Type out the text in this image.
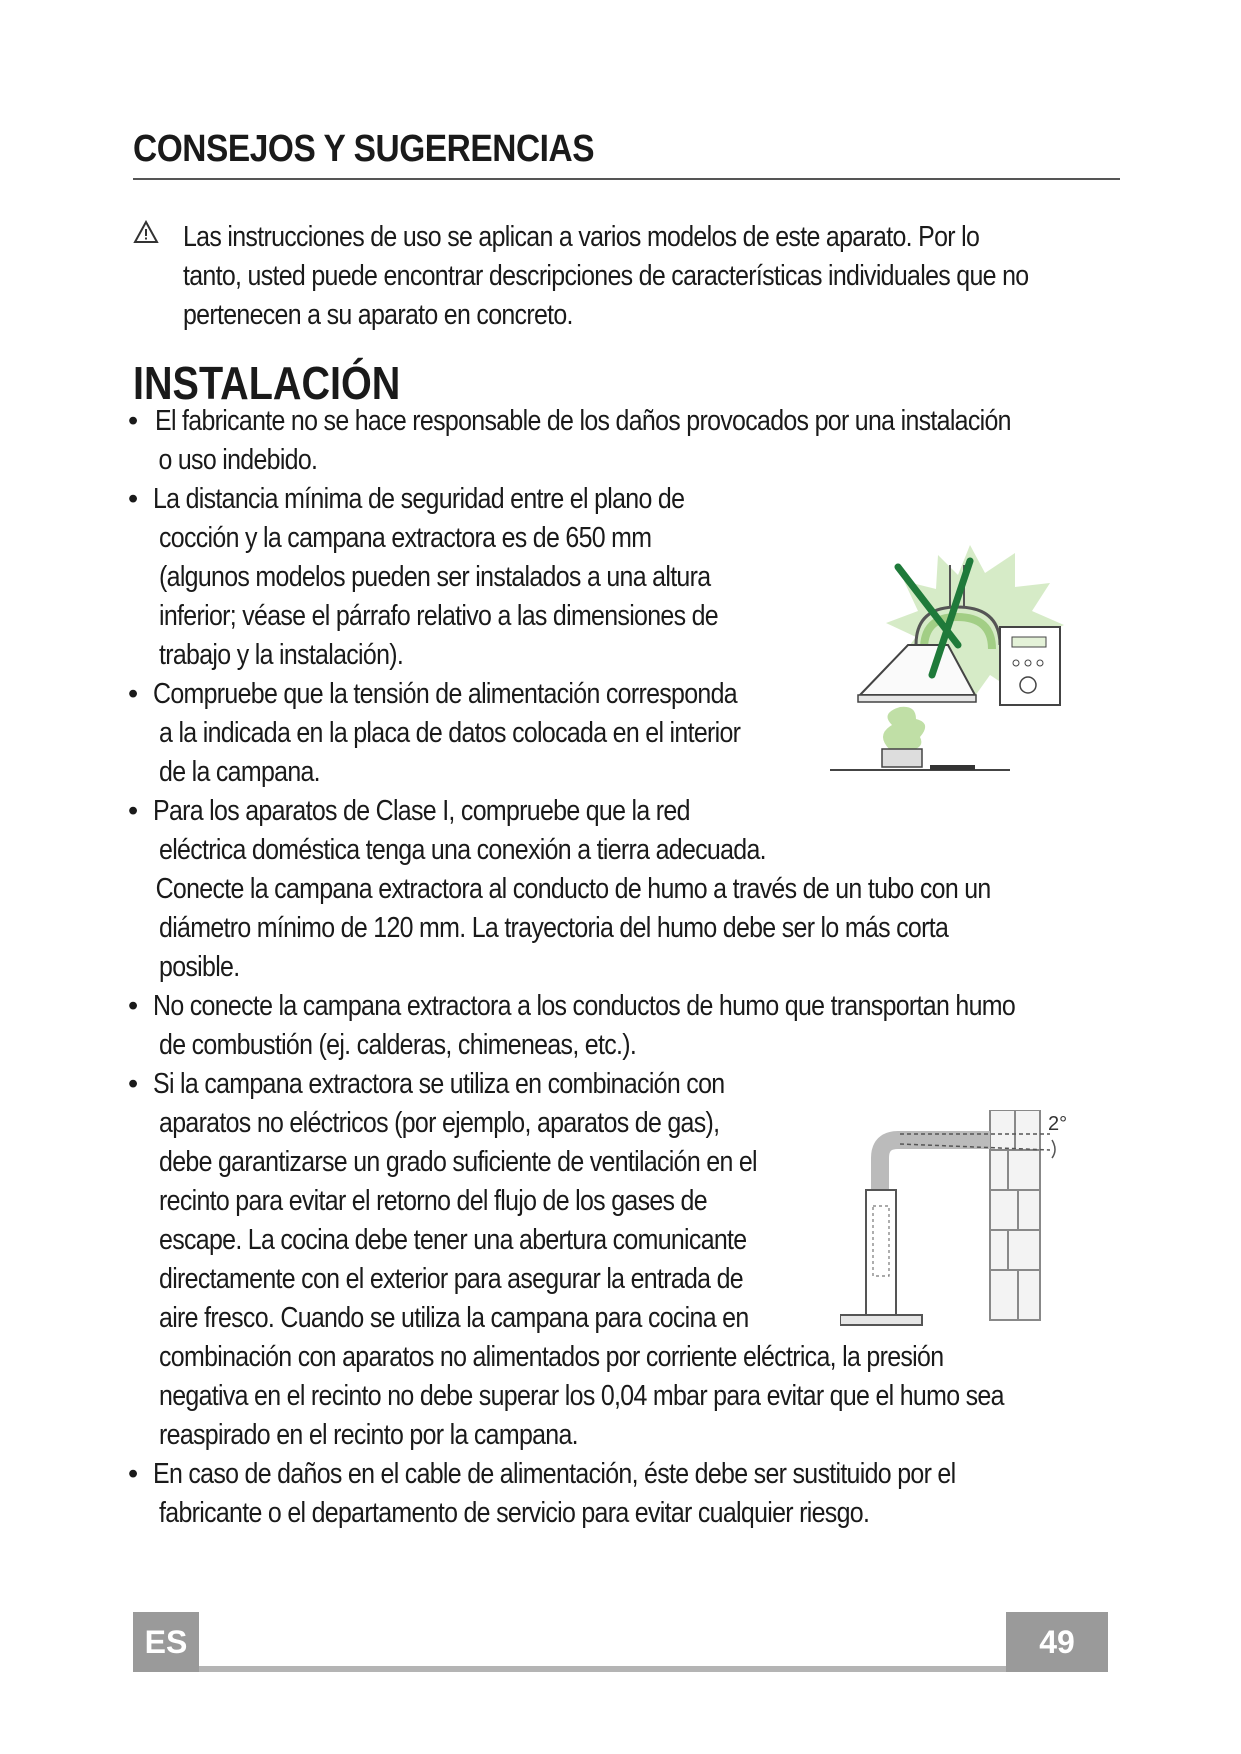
CONSEJOS Y SUGERENCIAS
Las instrucciones de uso se aplican a varios modelos de este aparato. Por lo
tanto, usted puede encontrar descripciones de características individuales que no
pertenecen a su aparato en concreto.
INSTALACIÓN
• El fabricante no se hace responsable de los daños provocados por una instalación
o uso indebido.
• La distancia mínima de seguridad entre el plano de
cocción y la campana extractora es de 650 mm
(algunos modelos pueden ser instalados a una altura
inferior; véase el párrafo relativo a las dimensiones de
trabajo y la instalación).
• Compruebe que la tensión de alimentación corresponda
a la indicada en la placa de datos colocada en el interior
de la campana.
• Para los aparatos de Clase I, compruebe que la red
eléctrica doméstica tenga una conexión a tierra adecuada.
Conecte la campana extractora al conducto de humo a través de un tubo con un
diámetro mínimo de 120 mm. La trayectoria del humo debe ser lo más corta
posible.
• No conecte la campana extractora a los conductos de humo que transportan humo
de combustión (ej. calderas, chimeneas, etc.).
• Si la campana extractora se utiliza en combinación con
aparatos no eléctricos (por ejemplo, aparatos de gas),
debe garantizarse un grado suficiente de ventilación en el
recinto para evitar el retorno del flujo de los gases de
escape. La cocina debe tener una abertura comunicante
directamente con el exterior para asegurar la entrada de
aire fresco. Cuando se utiliza la campana para cocina en
combinación con aparatos no alimentados por corriente eléctrica, la presión
negativa en el recinto no debe superar los 0,04 mbar para evitar que el humo sea
reaspirado en el recinto por la campana.
• En caso de daños en el cable de alimentación, éste debe ser sustituido por el
fabricante o el departamento de servicio para evitar cualquier riesgo.
2°
ES	49
